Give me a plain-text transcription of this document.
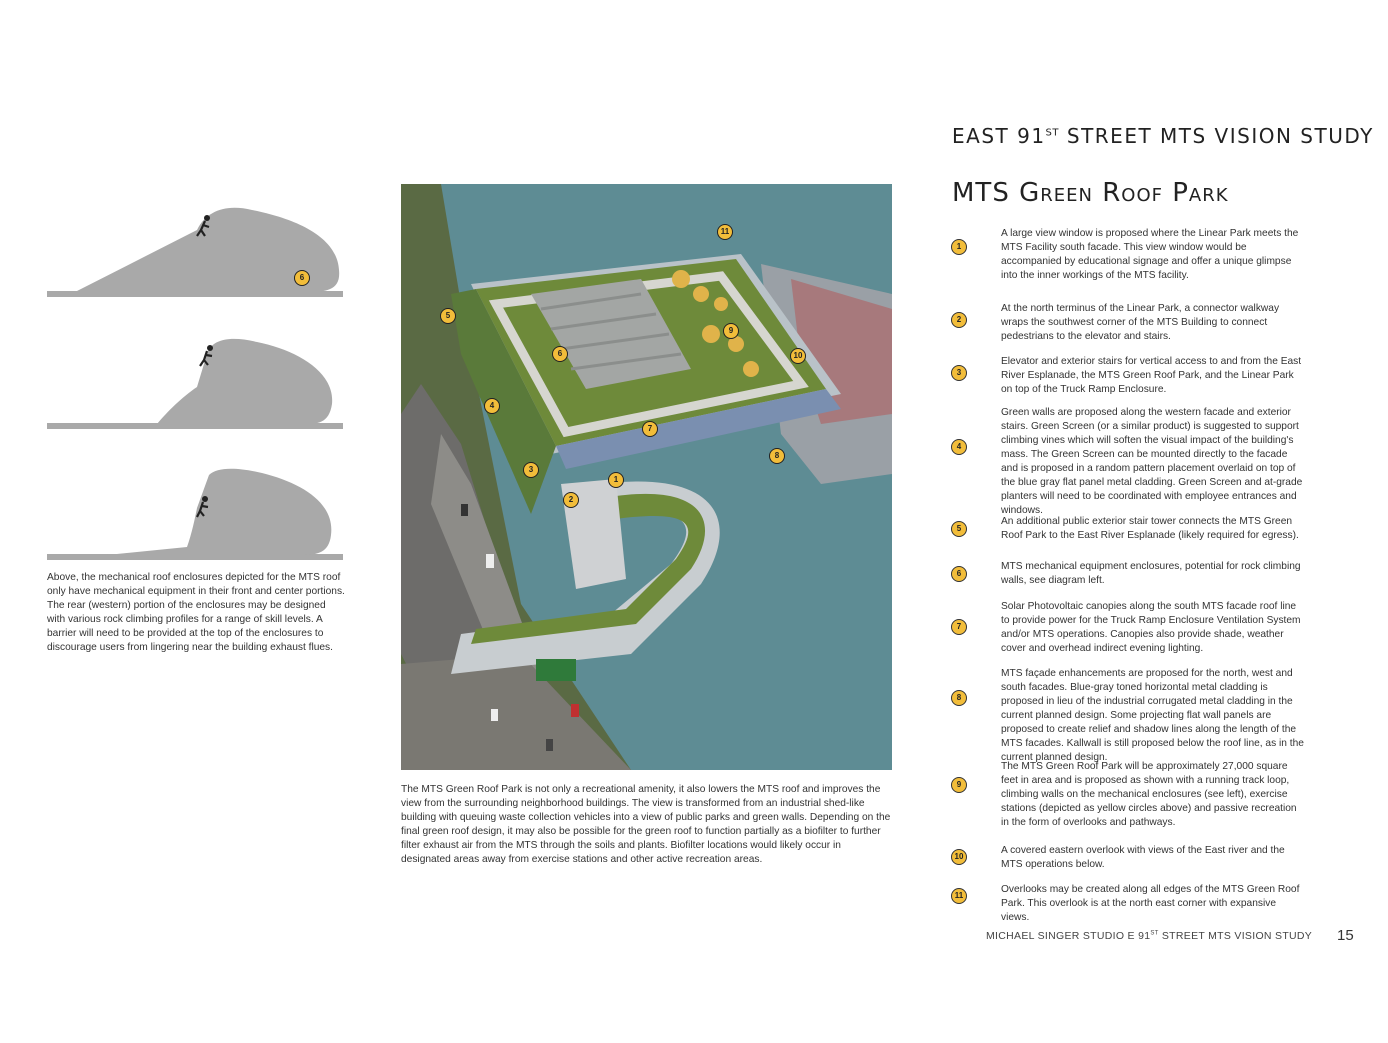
EAST 91ST STREET MTS VISION STUDY
MTS Green Roof Park
6
Above, the mechanical roof enclosures depicted for the MTS roof only have mechanical equipment in their front and center portions. The rear (western) portion of the enclosures may be designed with various rock climbing profiles for a range of skill levels. A barrier will need to be provided at the top of the enclosures to discourage users from lingering near the building exhaust flues.
11
5
9
6	10
4
7
8
3
1
2
The MTS Green Roof Park is not only a recreational amenity, it also lowers the MTS roof and improves the view from the surrounding neighborhood buildings. The view is transformed from an industrial shed-like building with queuing waste collection vehicles into a view of public parks and green walls. Depending on the final green roof design, it may also be possible for the green roof to function partially as a biofilter to further filter exhaust air from the MTS through the soils and plants. Biofilter locations would likely occur in designated areas away from exercise stations and other active recreation areas.
1
A large view window is proposed where the Linear Park meets the MTS Facility south facade. This view window would be accompanied by educational signage and offer a unique glimpse into the inner workings of the MTS facility.
2
At the north terminus of the Linear Park, a connector walkway wraps the southwest corner of the MTS Building to connect pedestrians to the elevator and stairs.
3
Elevator and exterior stairs for vertical access to and from the East River Esplanade, the MTS Green Roof Park, and the Linear Park on top of the Truck Ramp Enclosure.
4
Green walls are proposed along the western facade and exterior stairs. Green Screen (or a similar product) is suggested to support climbing vines which will soften the visual impact of the building's mass. The Green Screen can be mounted directly to the facade and is proposed in a random pattern placement overlaid on top of the blue gray flat panel metal cladding. Green Screen and at-grade planters will need to be coordinated with employee entrances and windows.
5
An additional public exterior stair tower connects the MTS Green Roof Park to the East River Esplanade (likely required for egress).
6
MTS mechanical equipment enclosures, potential for rock climbing walls, see diagram left.
7
Solar Photovoltaic canopies along the south MTS facade roof line to provide power for the Truck Ramp Enclosure Ventilation System and/or MTS operations. Canopies also provide shade, weather cover and overhead indirect evening lighting.
8
MTS façade enhancements are proposed for the north, west and south facades. Blue-gray toned horizontal metal cladding is proposed in lieu of the industrial corrugated metal cladding in the current planned design. Some projecting flat wall panels are proposed to create relief and shadow lines along the length of the MTS facades. Kallwall is still proposed below the roof line, as in the current planned design.
9
The MTS Green Roof Park will be approximately 27,000 square feet in area and is proposed as shown with a running track loop, climbing walls on the mechanical enclosures (see left), exercise stations (depicted as yellow circles above) and passive recreation in the form of overlooks and pathways.
10
A covered eastern overlook with views of the East river and the MTS operations below.
11
Overlooks may be created along all edges of the MTS Green Roof Park. This overlook is at the north east corner with expansive views.
MICHAEL SINGER STUDIO E 91ST STREET MTS VISION STUDY 15
